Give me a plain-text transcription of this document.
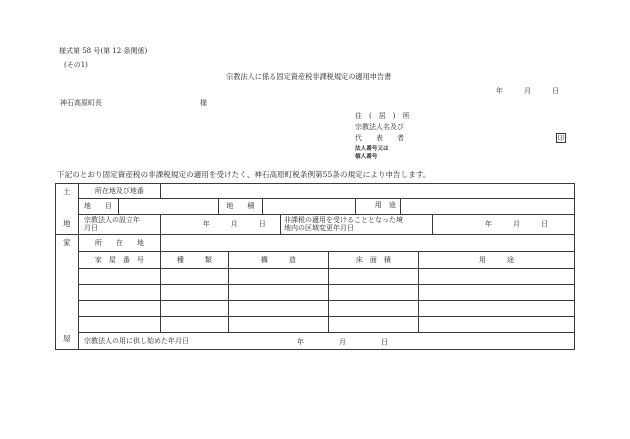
様式第 58 号(第 12 条関係)
(その1)
宗教法人に係る固定資産税非課税規定の適用申告書
年　　　月　　　日
神石高原町長	様
住　(　居　)　所
宗教法人名及び
代　　表　　者	印
法人番号又は
個人番号
下記のとおり固定資産税の非課税規定の適用を受けたく、神石高原町税条例第55条の規定により申告します。
土
地
所在地及び地番
地　　目	地　　積	用　途
宗教法人の設立年月日
年　　　月　　　日
非課税の適用を受けることとなった境地内の区域変更年月日
年　　　月　　　日
家
屋
所　　在　　地
家　屋　番　号	種　　　類	構　　　造	床　面　積	用　　　途
宗教法人の用に供し始めた年月日	年　　　　　月　　　　　日
